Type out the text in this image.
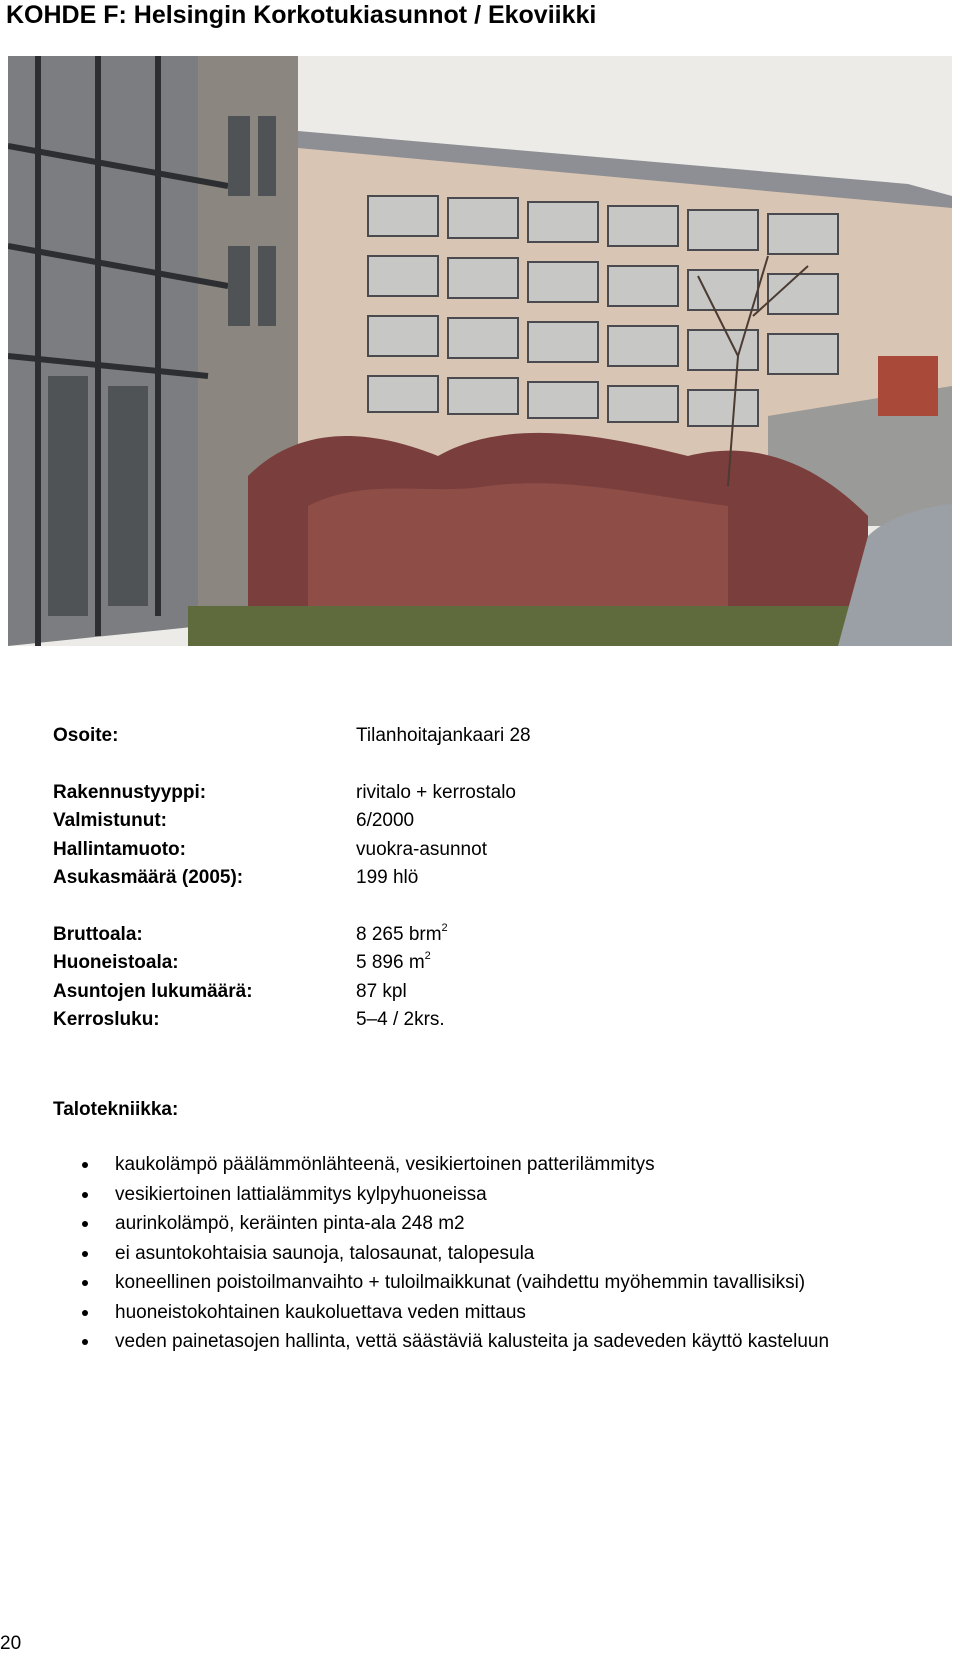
KOHDE F: Helsingin Korkotukiasunnot / Ekoviikki
Osoite:	Tilanhoitajankaari 28
Rakennustyyppi:	rivitalo + kerrostalo
Valmistunut:	6/2000
Hallintamuoto:	vuokra-asunnot
Asukasmäärä (2005):	199 hlö
Bruttoala:	8 265 brm$^2$
Huoneistoala:	5 896 $m^2$
Asuntojen lukumäärä:	87 kpl
Kerrosluku:	5–4 / 2krs.
Talotekniikka:
kaukolämpö päälämmönlähteenä, vesikiertoinen patterilämmitys
vesikiertoinen lattialämmitys kylpyhuoneissa
aurinkolämpö, keräinten pinta-ala 248 m2
ei asuntokohtaisia saunoja, talosaunat, talopesula
koneellinen poistoilmanvaihto + tuloilmaikkunat (vaihdettu myöhemmin tavallisiksi)
huoneistokohtainen kaukoluettava veden mittaus
veden painetasojen hallinta, vettä säästäviä kalusteita ja sadeveden käyttö kasteluun
20
